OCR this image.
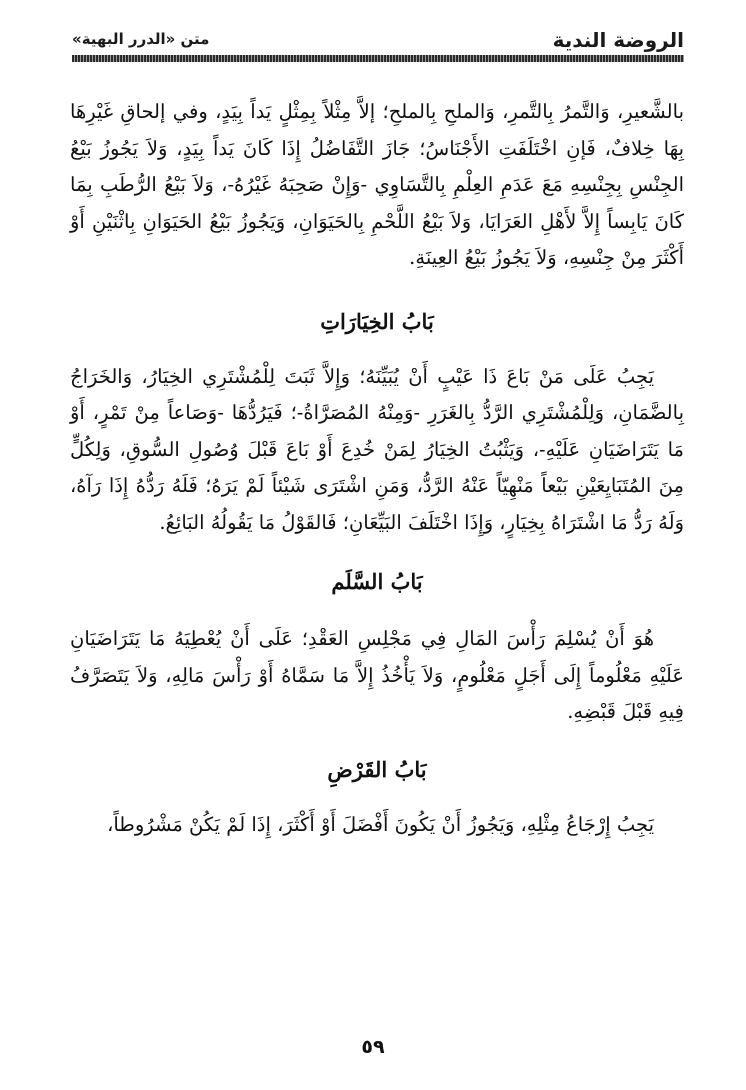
الروضة الندية
متن «الدرر البهية»

بالشَّعيرِ، وَالتَّمرُ بِالتَّمرِ، وَالملحِ بِالملحِ؛ إلاَّ مِثْلاً بِمِثْلٍ يَداً بِيَدٍ، وفي إلحاقِ غَيْرِهَا بِهَا خِلافٌ، فَإنِ اخْتَلَفَتِ الأَجْنَاسُ؛ جَازَ التَّفَاضُلُ إِذَا كَانَ يَداً بِيَدٍ، وَلاَ يَجُوزُ بَيْعُ الجِنْسِ بِجِنْسِهِ مَعَ عَدَمِ العِلْمِ بِالتَّسَاوِي -وَإِنْ صَحِبَهُ غَيْرُهُ-، وَلاَ بَيْعُ الرُّطَبِ بِمَا كَانَ يَابِساً إِلاَّ لأَهْلِ العَرَايَا، وَلاَ بَيْعُ اللَّحْمِ بِالحَيَوَانِ، وَيَجُوزُ بَيْعُ الحَيَوَانِ بِاثْنَيْنِ أَوْ أَكْثَرَ مِنْ جِنْسِهِ، وَلاَ يَجُوزُ بَيْعُ العِينَةِ.

بَابُ الخِيَارَاتِ

يَجِبُ عَلَى مَنْ بَاعَ ذَا عَيْبٍ أَنْ يُبَيِّنَهُ؛ وَإِلاَّ ثَبَتَ لِلْمُشْتَرِي الخِيَارُ، وَالخَرَاجُ بِالضَّمَانِ، وَلِلْمُشْتَرِي الرَّدُّ بِالغَرَرِ -وَمِنْهُ المُصَرَّاةُ-؛ فَيَرُدُّهَا -وَصَاعاً مِنْ تَمْرٍ، أَوْ مَا يَتَرَاضَيَانِ عَلَيْهِ-، وَيَثْبُتُ الخِيَارُ لِمَنْ خُدِعَ أَوْ بَاعَ قَبْلَ وُصُولِ السُّوقِ، وَلِكُلٍّ مِنَ المُتَبَايِعَيْنِ بَيْعاً مَنْهِيّاً عَنْهُ الرَّدُّ، وَمَنِ اشْتَرَى شَيْئاً لَمْ يَرَهُ؛ فَلَهُ رَدُّهُ إِذَا رَآهُ، وَلَهُ رَدُّ مَا اشْتَرَاهُ بِخِيَارٍ، وَإِذَا اخْتَلَفَ البَيِّعَانِ؛ فَالقَوْلُ مَا يَقُولُهُ البَائِعُ.

بَابُ السَّلَم

هُوَ أَنْ يُسْلِمَ رَأْسَ المَالِ فِي مَجْلِسِ العَقْدِ؛ عَلَى أَنْ يُعْطِيَهُ مَا يَتَرَاضَيَانِ عَلَيْهِ مَعْلُوماً إِلَى أَجَلٍ مَعْلُومٍ، وَلاَ يَأْخُذُ إِلاَّ مَا سَمَّاهُ أَوْ رَأْسَ مَالِهِ، وَلاَ يَتَصَرَّفُ فِيهِ قَبْلَ قَبْضِهِ.

بَابُ القَرْضِ

يَجِبُ إِرْجَاعُ مِثْلِهِ، وَيَجُوزُ أَنْ يَكُونَ أَفْضَلَ أَوْ أَكْثَرَ، إِذَا لَمْ يَكُنْ مَشْرُوطاً،

٥٩
